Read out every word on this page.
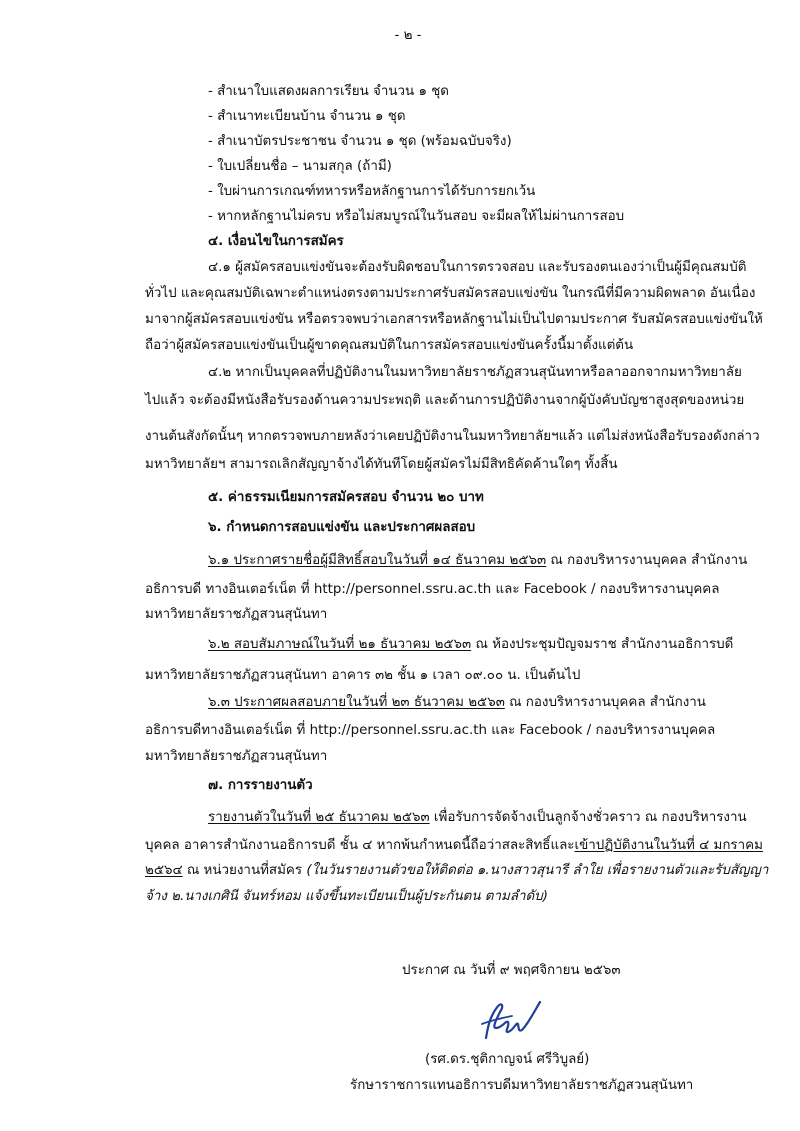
- ๒ -
- สำเนาใบแสดงผลการเรียน จำนวน ๑ ชุด
- สำเนาทะเบียนบ้าน จำนวน ๑ ชุด
- สำเนาบัตรประชาชน จำนวน ๑ ชุด (พร้อมฉบับจริง)
- ใบเปลี่ยนชื่อ – นามสกุล (ถ้ามี)
- ใบผ่านการเกณฑ์ทหารหรือหลักฐานการได้รับการยกเว้น
- หากหลักฐานไม่ครบ หรือไม่สมบูรณ์ในวันสอบ จะมีผลให้ไม่ผ่านการสอบ
๔. เงื่อนไขในการสมัคร
๔.๑ ผู้สมัครสอบแข่งขันจะต้องรับผิดชอบในการตรวจสอบ และรับรองตนเองว่าเป็นผู้มีคุณสมบัติ
ทั่วไป และคุณสมบัติเฉพาะตำแหน่งตรงตามประกาศรับสมัครสอบแข่งขัน ในกรณีที่มีความผิดพลาด อันเนื่อง
มาจากผู้สมัครสอบแข่งขัน หรือตรวจพบว่าเอกสารหรือหลักฐานไม่เป็นไปตามประกาศ รับสมัครสอบแข่งขันให้
ถือว่าผู้สมัครสอบแข่งขันเป็นผู้ขาดคุณสมบัติในการสมัครสอบแข่งขันครั้งนี้มาตั้งแต่ต้น
๔.๒ หากเป็นบุคคลที่ปฏิบัติงานในมหาวิทยาลัยราชภัฏสวนสุนันทาหรือลาออกจากมหาวิทยาลัย
ไปแล้ว จะต้องมีหนังสือรับรองด้านความประพฤติ และด้านการปฏิบัติงานจากผู้บังคับบัญชาสูงสุดของหน่วย
งานต้นสังกัดนั้นๆ หากตรวจพบภายหลังว่าเคยปฏิบัติงานในมหาวิทยาลัยฯแล้ว แต่ไม่ส่งหนังสือรับรองดังกล่าว
มหาวิทยาลัยฯ สามารถเลิกสัญญาจ้างได้ทันทีโดยผู้สมัครไม่มีสิทธิคัดค้านใดๆ ทั้งสิ้น
๕. ค่าธรรมเนียมการสมัครสอบ จำนวน ๒๐ บาท
๖. กำหนดการสอบแข่งขัน และประกาศผลสอบ
๖.๑ ประกาศรายชื่อผู้มีสิทธิ์สอบในวันที่ ๑๔ ธันวาคม ๒๕๖๓ ณ กองบริหารงานบุคคล สำนักงาน
อธิการบดี ทางอินเตอร์เน็ต ที่ http://personnel.ssru.ac.th และ Facebook / กองบริหารงานบุคคล
มหาวิทยาลัยราชภัฏสวนสุนันทา
๖.๒ สอบสัมภาษณ์ในวันที่ ๒๑ ธันวาคม ๒๕๖๓ ณ ห้องประชุมปัญจมราช สำนักงานอธิการบดี
มหาวิทยาลัยราชภัฏสวนสุนันทา อาคาร ๓๒ ชั้น ๑ เวลา ๐๙.๐๐ น. เป็นต้นไป
๖.๓ ประกาศผลสอบภายในวันที่ ๒๓ ธันวาคม ๒๕๖๓ ณ กองบริหารงานบุคคล สำนักงาน
อธิการบดีทางอินเตอร์เน็ต ที่ http://personnel.ssru.ac.th และ Facebook / กองบริหารงานบุคคล
มหาวิทยาลัยราชภัฏสวนสุนันทา
๗. การรายงานตัว
รายงานตัวในวันที่ ๒๕ ธันวาคม ๒๕๖๓ เพื่อรับการจัดจ้างเป็นลูกจ้างชั่วคราว ณ กองบริหารงาน
บุคคล อาคารสำนักงานอธิการบดี ชั้น ๔ หากพ้นกำหนดนี้ถือว่าสละสิทธิ์และเข้าปฏิบัติงานในวันที่ ๔ มกราคม
๒๕๖๔ ณ หน่วยงานที่สมัคร (ในวันรายงานตัวขอให้ติดต่อ ๑.นางสาวสุนารี ลำใย เพื่อรายงานตัวและรับสัญญา
จ้าง ๒.นางเกศินี จันทร์หอม แจ้งขึ้นทะเบียนเป็นผู้ประกันตน ตามลำดับ)
ประกาศ ณ วันที่ ๙ พฤศจิกายน ๒๕๖๓
(รศ.ดร.ชุติกาญจน์ ศรีวิบูลย์)
รักษาราชการแทนอธิการบดีมหาวิทยาลัยราชภัฏสวนสุนันทา
